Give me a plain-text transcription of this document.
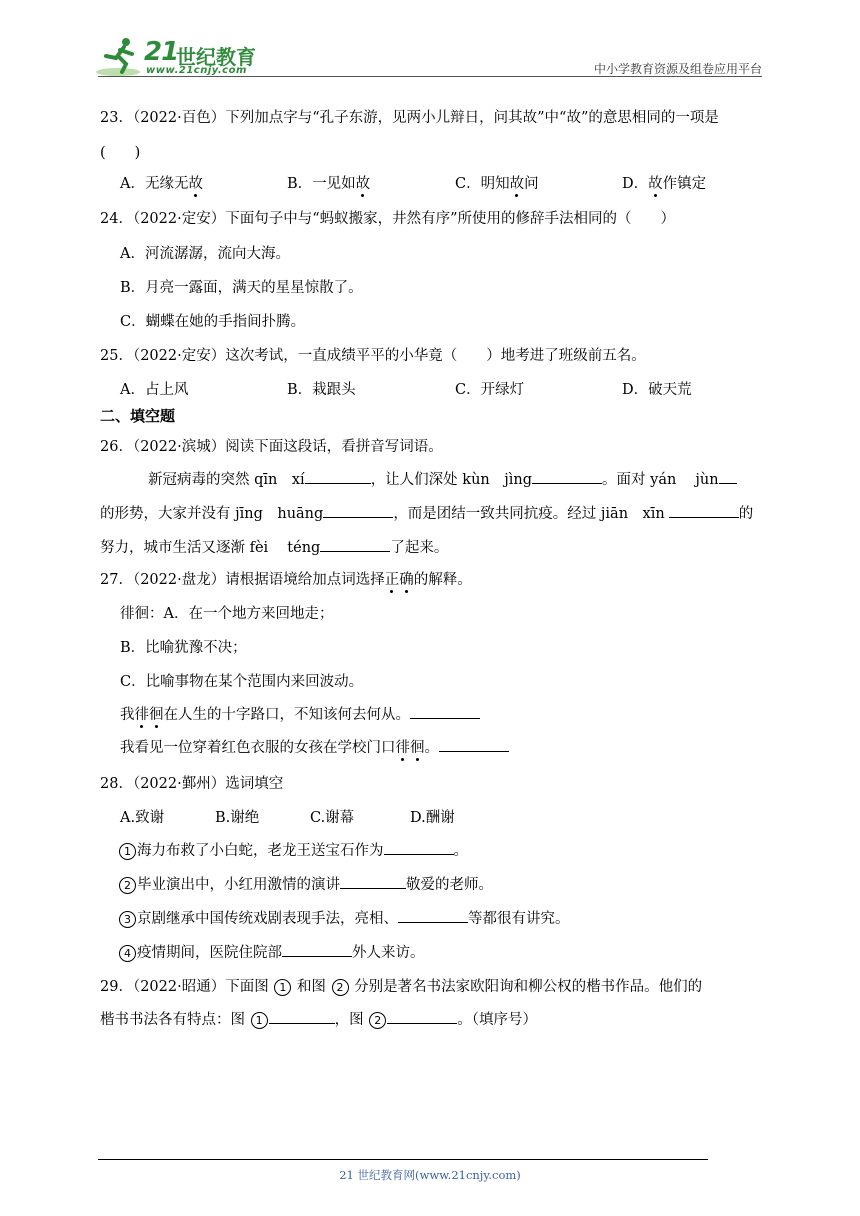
21
世纪教育
www.21cnjy.com	中小学教育资源及组卷应用平台
23．（2022·百色）下列加点字与“孔子东游，见两小儿辩日，问其故”中“故”的意思相同的一项是
(　　)
A．无缘无故	B．一见如故	C．明知故问	D．故作镇定
24．（2022·定安）下面句子中与“蚂蚁搬家，井然有序”所使用的修辞手法相同的（　　）
A．河流潺潺，流向大海。
B．月亮一露面，满天的星星惊散了。
C．蝴蝶在她的手指间扑腾。
25．（2022·定安）这次考试，一直成绩平平的小华竟（　　）地考进了班级前五名。
A．占上风	B．栽跟头	C．开绿灯	D．破天荒
二、填空题
26．（2022·滨城）阅读下面这段话，看拼音写词语。
新冠病毒的突然 qīn　xí	，让人们深处 kùn　jìng	。面对 yán　 jùn
的形势，大家并没有 jīng　huāng	，而是团结一致共同抗疫。经过 jiān　xīn	的
努力，城市生活又逐渐 fèi　 téng	了起来。
27．（2022·盘龙）请根据语境给加点词选择正确的解释。
徘徊：A．在一个地方来回地走；
B．比喻犹豫不决；
C．比喻事物在某个范围内来回波动。
我徘徊在人生的十字路口，不知该何去何从。
我看见一位穿着红色衣服的女孩在学校门口徘徊。
28．（2022·鄞州）选词填空
A.致谢	B.谢绝	C.谢幕	D.酬谢
1 海力布救了小白蛇，老龙王送宝石作为	。
2 毕业演出中，小红用激情的演讲	敬爱的老师。
3 京剧继承中国传统戏剧表现手法，亮相、	等都很有讲究。
4 疫情期间，医院住院部	外人来访。
29．（2022·昭通）下面图 1 和图 2 分别是著名书法家欧阳询和柳公权的楷书作品。他们的
楷书书法各有特点：图 1	，图 2	。（填序号）
21 世纪教育网(www.21cnjy.com)
